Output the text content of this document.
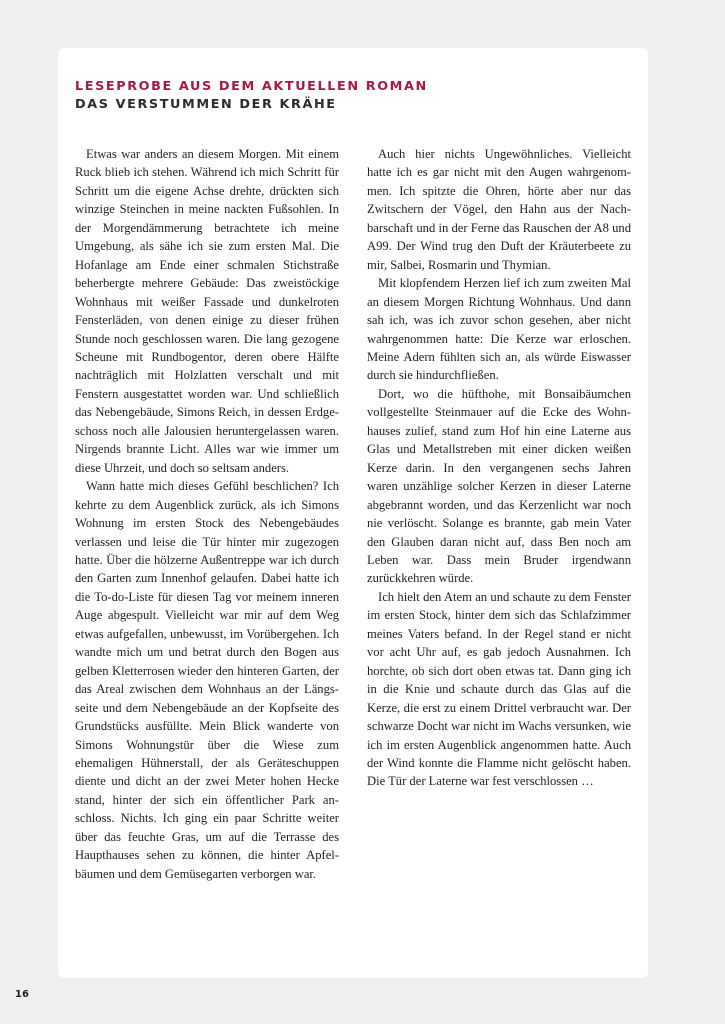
LESEPROBE AUS DEM AKTUELLEN ROMAN
DAS VERSTUMMEN DER KRÄHE

Etwas war anders an diesem Morgen. Mit einem Ruck blieb ich stehen. Während ich mich Schritt für Schritt um die eigene Achse drehte, drückten sich winzige Steinchen in meine nackten Fußsohlen. In der Morgendämmerung betrachtete ich meine Umgebung, als sähe ich sie zum ersten Mal. Die Hofanlage am Ende einer schmalen Stichstraße beherbergte mehrere Gebäude: Das zweistöckige Wohnhaus mit weißer Fassade und dunkelroten Fensterläden, von denen einige zu dieser frühen Stunde noch geschlossen waren. Die lang gezogene Scheune mit Rundbogentor, deren obere Hälfte nachträglich mit Holzlatten verschalt und mit Fenstern ausgestattet worden war. Und schließlich das Nebengebäude, Simons Reich, in dessen Erdgeschoss noch alle Jalousien heruntergelassen waren. Nirgends brannte Licht. Alles war wie immer um diese Uhrzeit, und doch so seltsam anders.

Wann hatte mich dieses Gefühl beschlichen? Ich kehrte zu dem Augenblick zurück, als ich Simons Wohnung im ersten Stock des Nebengebäudes verlassen und leise die Tür hinter mir zugezogen hatte. Über die hölzerne Außentreppe war ich durch den Garten zum Innenhof gelaufen. Dabei hatte ich die To-do-Liste für diesen Tag vor meinem inneren Auge abgespult. Vielleicht war mir auf dem Weg etwas aufgefallen, unbewusst, im Vorübergehen. Ich wandte mich um und betrat durch den Bogen aus gelben Kletterrosen wieder den hinteren Garten, der das Areal zwischen dem Wohnhaus an der Längsseite und dem Nebengebäude an der Kopfseite des Grundstücks ausfüllte. Mein Blick wanderte von Simons Wohnungstür über die Wiese zum ehemaligen Hühnerstall, der als Geräteschuppen diente und dicht an der zwei Meter hohen Hecke stand, hinter der sich ein öffentlicher Park anschloss. Nichts. Ich ging ein paar Schritte weiter über das feuchte Gras, um auf die Terrasse des Haupthauses sehen zu können, die hinter Apfelbäumen und dem Gemüsegarten verborgen war.

Auch hier nichts Ungewöhnliches. Vielleicht hatte ich es gar nicht mit den Augen wahrgenommen. Ich spitzte die Ohren, hörte aber nur das Zwitschern der Vögel, den Hahn aus der Nachbarschaft und in der Ferne das Rauschen der A8 und A99. Der Wind trug den Duft der Kräuterbeete zu mir, Salbei, Rosmarin und Thymian.

Mit klopfendem Herzen lief ich zum zweiten Mal an diesem Morgen Richtung Wohnhaus. Und dann sah ich, was ich zuvor schon gesehen, aber nicht wahrgenommen hatte: Die Kerze war erloschen. Meine Adern fühlten sich an, als würde Eiswasser durch sie hindurchfließen.

Dort, wo die hüfthohe, mit Bonsaibäumchen vollgestellte Steinmauer auf die Ecke des Wohnhauses zulief, stand zum Hof hin eine Laterne aus Glas und Metallstreben mit einer dicken weißen Kerze darin. In den vergangenen sechs Jahren waren unzählige solcher Kerzen in dieser Laterne abgebrannt worden, und das Kerzenlicht war noch nie verlöscht. Solange es brannte, gab mein Vater den Glauben daran nicht auf, dass Ben noch am Leben war. Dass mein Bruder irgendwann zurückkehren würde.

Ich hielt den Atem an und schaute zu dem Fenster im ersten Stock, hinter dem sich das Schlafzimmer meines Vaters befand. In der Regel stand er nicht vor acht Uhr auf, es gab jedoch Ausnahmen. Ich horchte, ob sich dort oben etwas tat. Dann ging ich in die Knie und schaute durch das Glas auf die Kerze, die erst zu einem Drittel verbraucht war. Der schwarze Docht war nicht im Wachs versunken, wie ich im ersten Augenblick angenommen hatte. Auch der Wind konnte die Flamme nicht gelöscht haben. Die Tür der Laterne war fest verschlossen …

16
